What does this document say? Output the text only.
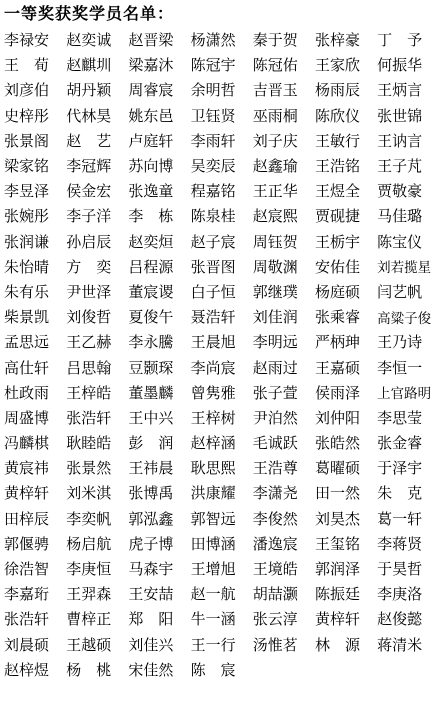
一等奖获奖学员名单：
李禄安	赵奕诚	赵晋梁	杨潇然	秦于贺	张梓豪	丁　予
王　荀	赵麒圳	梁嘉沐	陈冠宇	陈冠佑	王家欣	何振华
刘彦伯	胡丹颖	周睿宸	余明哲	吉晋玉	杨雨辰	王炳言
史梓彤	代林昊	姚东邑	卫钰贤	巫雨桐	陈欣仪	张世锦
张景阁	赵　艺	卢庭轩	李雨轩	刘子庆	王敏行	王讷言
梁家铭	李冠辉	苏向博	吴奕辰	赵鑫瑜	王浩铭	王子芃
李昱泽	侯金宏	张逸童	程嘉铭	王正华	王煜全	贾敬豪
张婉彤	李子洋	李　栋	陈泉桂	赵宸熙	贾砚捷	马佳璐
张润谦	孙启辰	赵奕烜	赵子宸	周钰贺	王栃宇	陈宝仪
朱怡晴	方　奕	吕程源	张晋图	周敬渊	安佑佳	刘若揽星
朱有乐	尹世泽	董宸谡	白子恒	郭继璞	杨庭硕	闫艺帆
柴景凯	刘俊哲	夏俊午	聂浩轩	刘佳润	张乘睿	高粱子俊
孟思远	王乙赫	李永騰	王晨旭	李明远	严柄珅	王乃诗
高仕轩	吕思翰	豆颢琛	李尚宸	赵雨过	王嘉硕	李恒一
杜政雨	王梓皓	董墨麟	曾隽雅	张子萱	侯雨泽	上官路明
周盛博	张浩轩	王中兴	王梓树	尹泊然	刘仲阳	李思莹
冯麟棋	耿睦皓	彭　润	赵梓涵	毛诚跃	张皓然	张金睿
黄宸祎	张景然	王祎晨	耿思熙	王浩尊	葛曜硕	于泽宇
黄梓轩	刘米淇	张博禹	洪康耀	李潇尧	田一然	朱　克
田梓辰	李奕帆	郭泓鑫	郭智远	李俊然	刘昊杰	葛一轩
郭偃骋	杨启航	虎子博	田博涵	潘逸宸	王玺铭	李蒋贤
徐浩智	李庚恒	马森宇	王增旭	王境皓	郭润泽	于昊哲
李嘉珩	王羿森	王安喆	赵一航	胡喆灏	陈振廷	李庚洛
张浩轩	曹梓正	郑　阳	牛一涵	张云淳	黄梓轩	赵俊懿
刘晨硕	王越硕	刘佳兴	王一行	汤惟茗	林　源	蒋清米
赵梓煜	杨　桃	宋佳然	陈　宸
